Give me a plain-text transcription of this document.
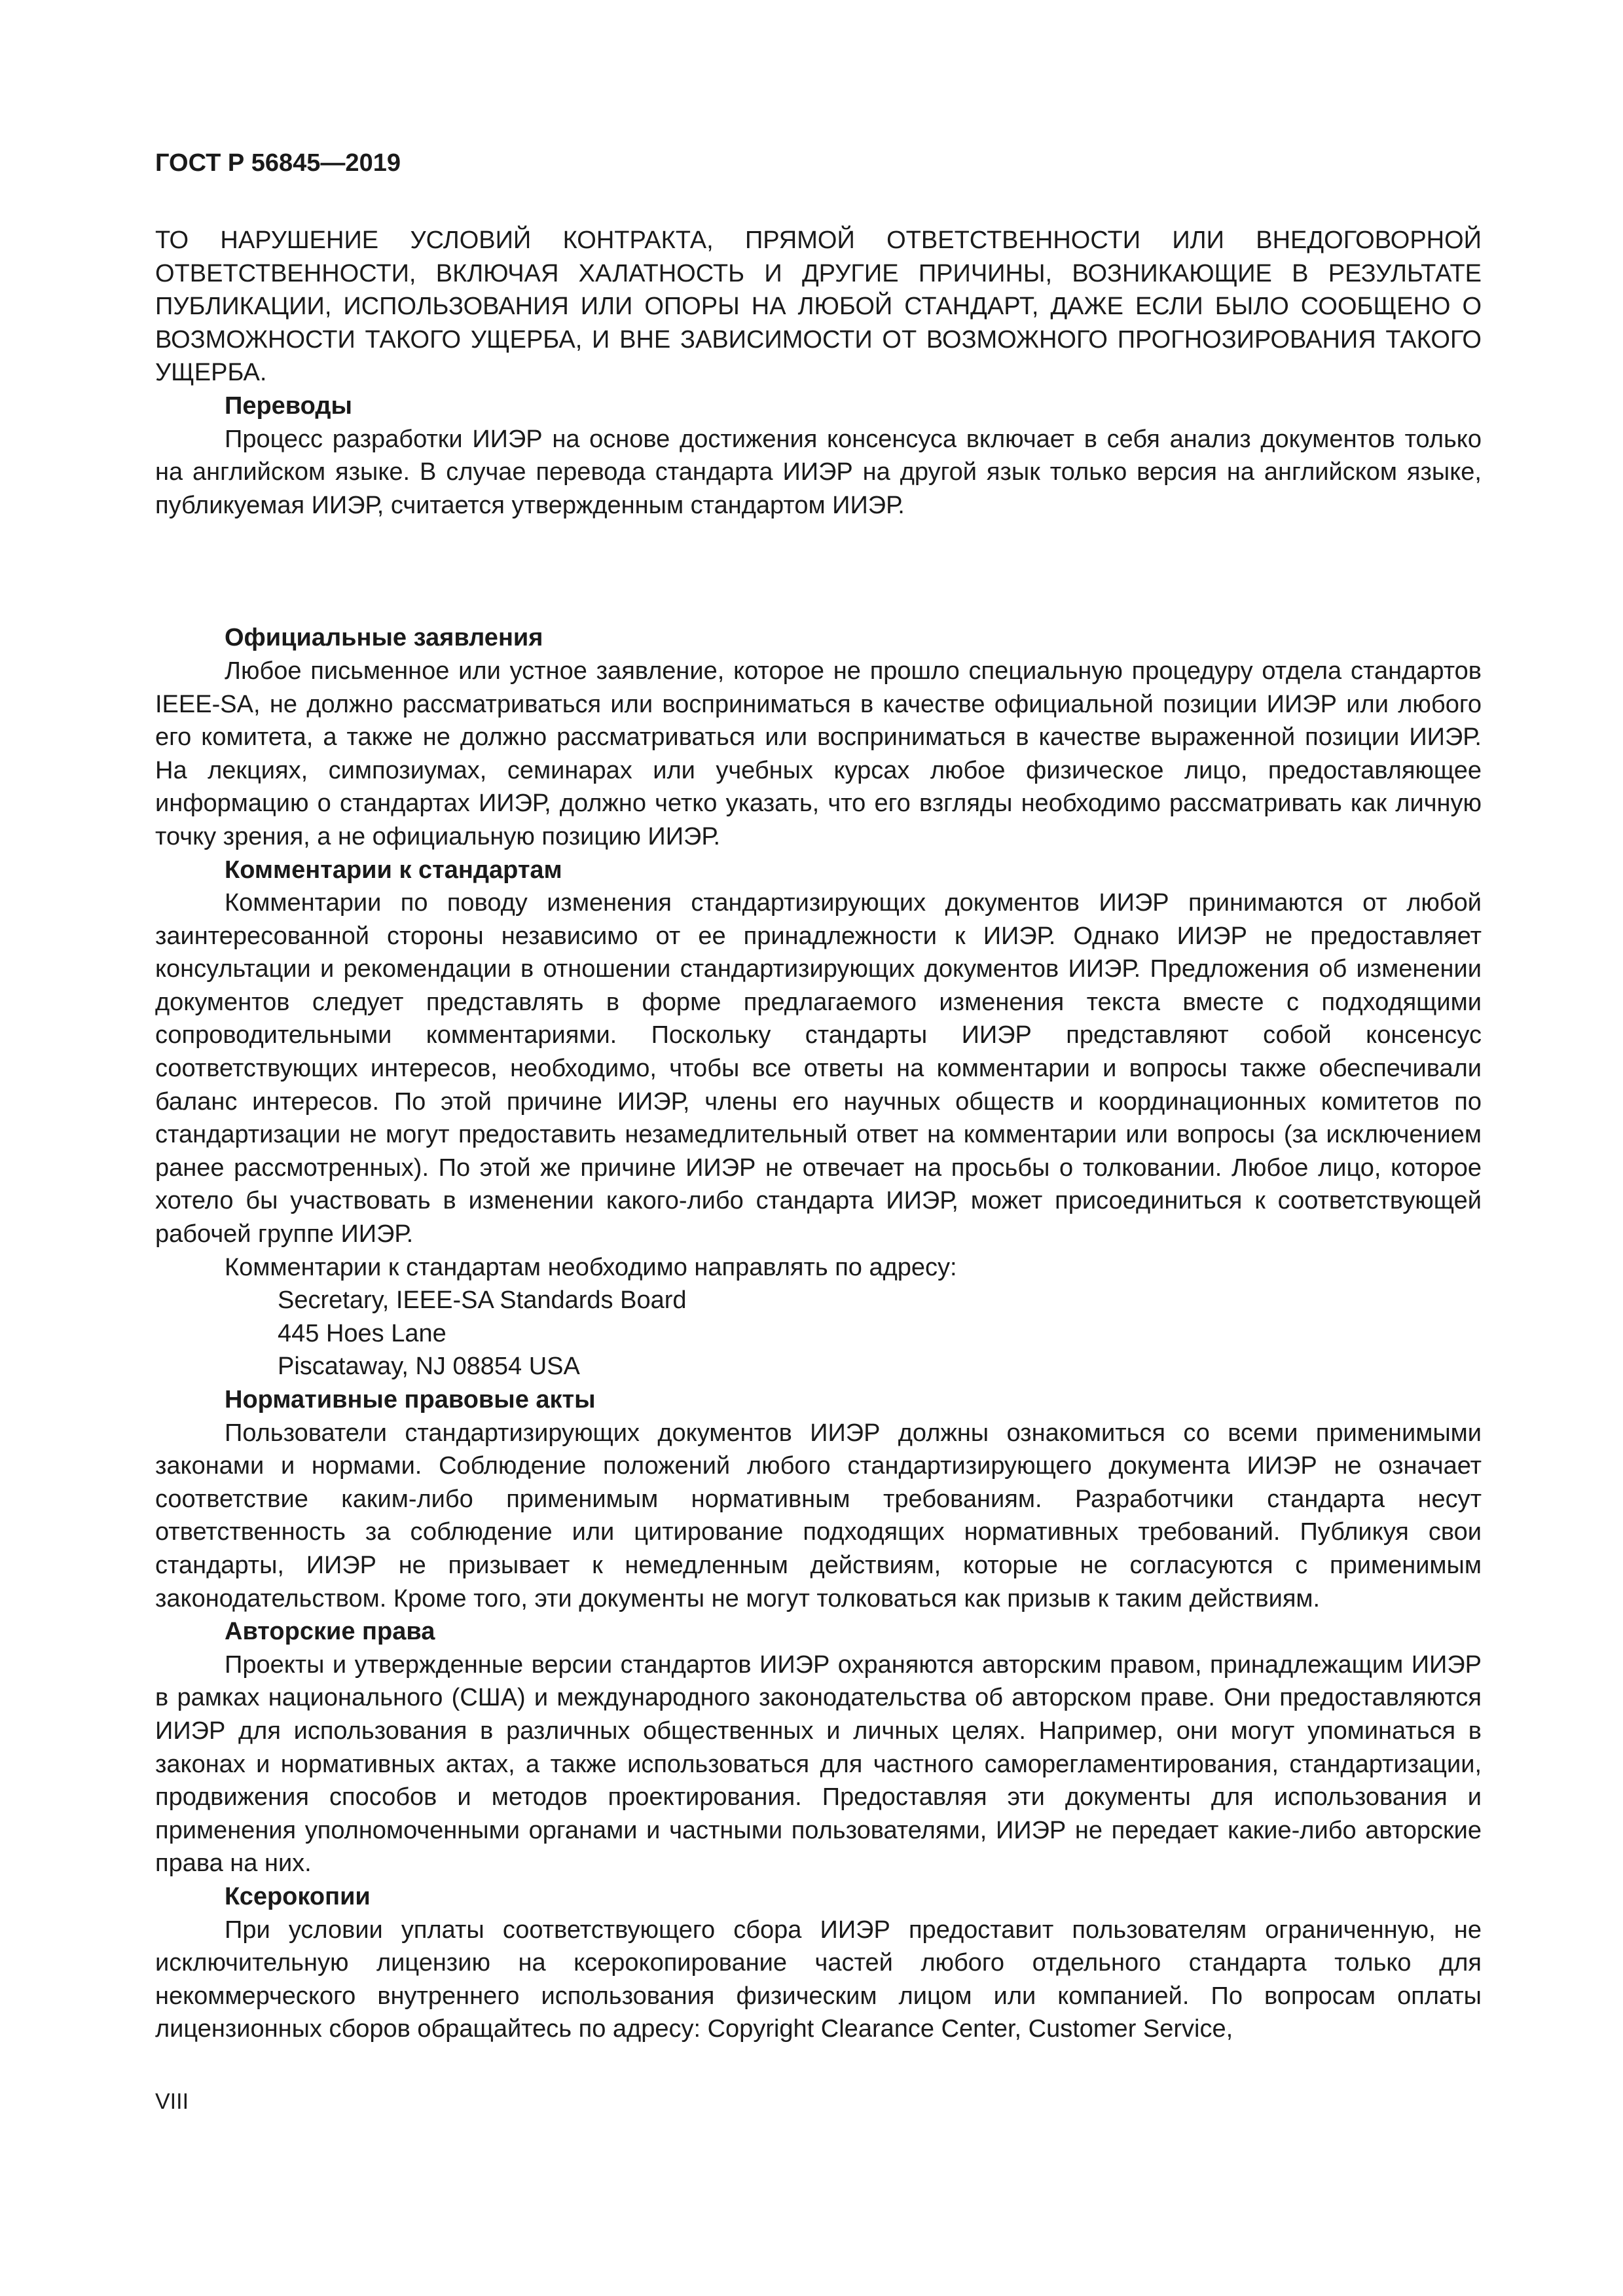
ГОСТ Р 56845—2019

ТО НАРУШЕНИЕ УСЛОВИЙ КОНТРАКТА, ПРЯМОЙ ОТВЕТСТВЕННОСТИ ИЛИ ВНЕДОГОВОРНОЙ ОТВЕТСТВЕННОСТИ, ВКЛЮЧАЯ ХАЛАТНОСТЬ И ДРУГИЕ ПРИЧИНЫ, ВОЗНИКАЮЩИЕ В РЕЗУЛЬТАТЕ ПУБЛИКАЦИИ, ИСПОЛЬЗОВАНИЯ ИЛИ ОПОРЫ НА ЛЮБОЙ СТАНДАРТ, ДАЖЕ ЕСЛИ БЫЛО СООБЩЕНО О ВОЗМОЖНОСТИ ТАКОГО УЩЕРБА, И ВНЕ ЗАВИСИМОСТИ ОТ ВОЗМОЖНОГО ПРОГНОЗИРОВАНИЯ ТАКОГО УЩЕРБА.

Переводы

Процесс разработки ИИЭР на основе достижения консенсуса включает в себя анализ документов только на английском языке. В случае перевода стандарта ИИЭР на другой язык только версия на английском языке, публикуемая ИИЭР, считается утвержденным стандартом ИИЭР.

Официальные заявления

Любое письменное или устное заявление, которое не прошло специальную процедуру отдела стандартов IEEE-SA, не должно рассматриваться или восприниматься в качестве официальной позиции ИИЭР или любого его комитета, а также не должно рассматриваться или восприниматься в качестве выраженной позиции ИИЭР. На лекциях, симпозиумах, семинарах или учебных курсах любое физическое лицо, предоставляющее информацию о стандартах ИИЭР, должно четко указать, что его взгляды необходимо рассматривать как личную точку зрения, а не официальную позицию ИИЭР.

Комментарии к стандартам

Комментарии по поводу изменения стандартизирующих документов ИИЭР принимаются от любой заинтересованной стороны независимо от ее принадлежности к ИИЭР. Однако ИИЭР не предоставляет консультации и рекомендации в отношении стандартизирующих документов ИИЭР. Предложения об изменении документов следует представлять в форме предлагаемого изменения текста вместе с подходящими сопроводительными комментариями. Поскольку стандарты ИИЭР представляют собой консенсус соответствующих интересов, необходимо, чтобы все ответы на комментарии и вопросы также обеспечивали баланс интересов. По этой причине ИИЭР, члены его научных обществ и координационных комитетов по стандартизации не могут предоставить незамедлительный ответ на комментарии или вопросы (за исключением ранее рассмотренных). По этой же причине ИИЭР не отвечает на просьбы о толковании. Любое лицо, которое хотело бы участвовать в изменении какого-либо стандарта ИИЭР, может присоединиться к соответствующей рабочей группе ИИЭР.

Комментарии к стандартам необходимо направлять по адресу:

Secretary, IEEE-SA Standards Board

445 Hoes Lane

Piscataway, NJ 08854 USA

Нормативные правовые акты

Пользователи стандартизирующих документов ИИЭР должны ознакомиться со всеми применимыми законами и нормами. Соблюдение положений любого стандартизирующего документа ИИЭР не означает соответствие каким-либо применимым нормативным требованиям. Разработчики стандарта несут ответственность за соблюдение или цитирование подходящих нормативных требований. Публикуя свои стандарты, ИИЭР не призывает к немедленным действиям, которые не согласуются с применимым законодательством. Кроме того, эти документы не могут толковаться как призыв к таким действиям.

Авторские права

Проекты и утвержденные версии стандартов ИИЭР охраняются авторским правом, принадлежащим ИИЭР в рамках национального (США) и международного законодательства об авторском праве. Они предоставляются ИИЭР для использования в различных общественных и личных целях. Например, они могут упоминаться в законах и нормативных актах, а также использоваться для частного саморегламентирования, стандартизации, продвижения способов и методов проектирования. Предоставляя эти документы для использования и применения уполномоченными органами и частными пользователями, ИИЭР не передает какие-либо авторские права на них.

Ксерокопии

При условии уплаты соответствующего сбора ИИЭР предоставит пользователям ограниченную, не исключительную лицензию на ксерокопирование частей любого отдельного стандарта только для некоммерческого внутреннего использования физическим лицом или компанией. По вопросам оплаты лицензионных сборов обращайтесь по адресу: Copyright Clearance Center, Customer Service,

VIII
